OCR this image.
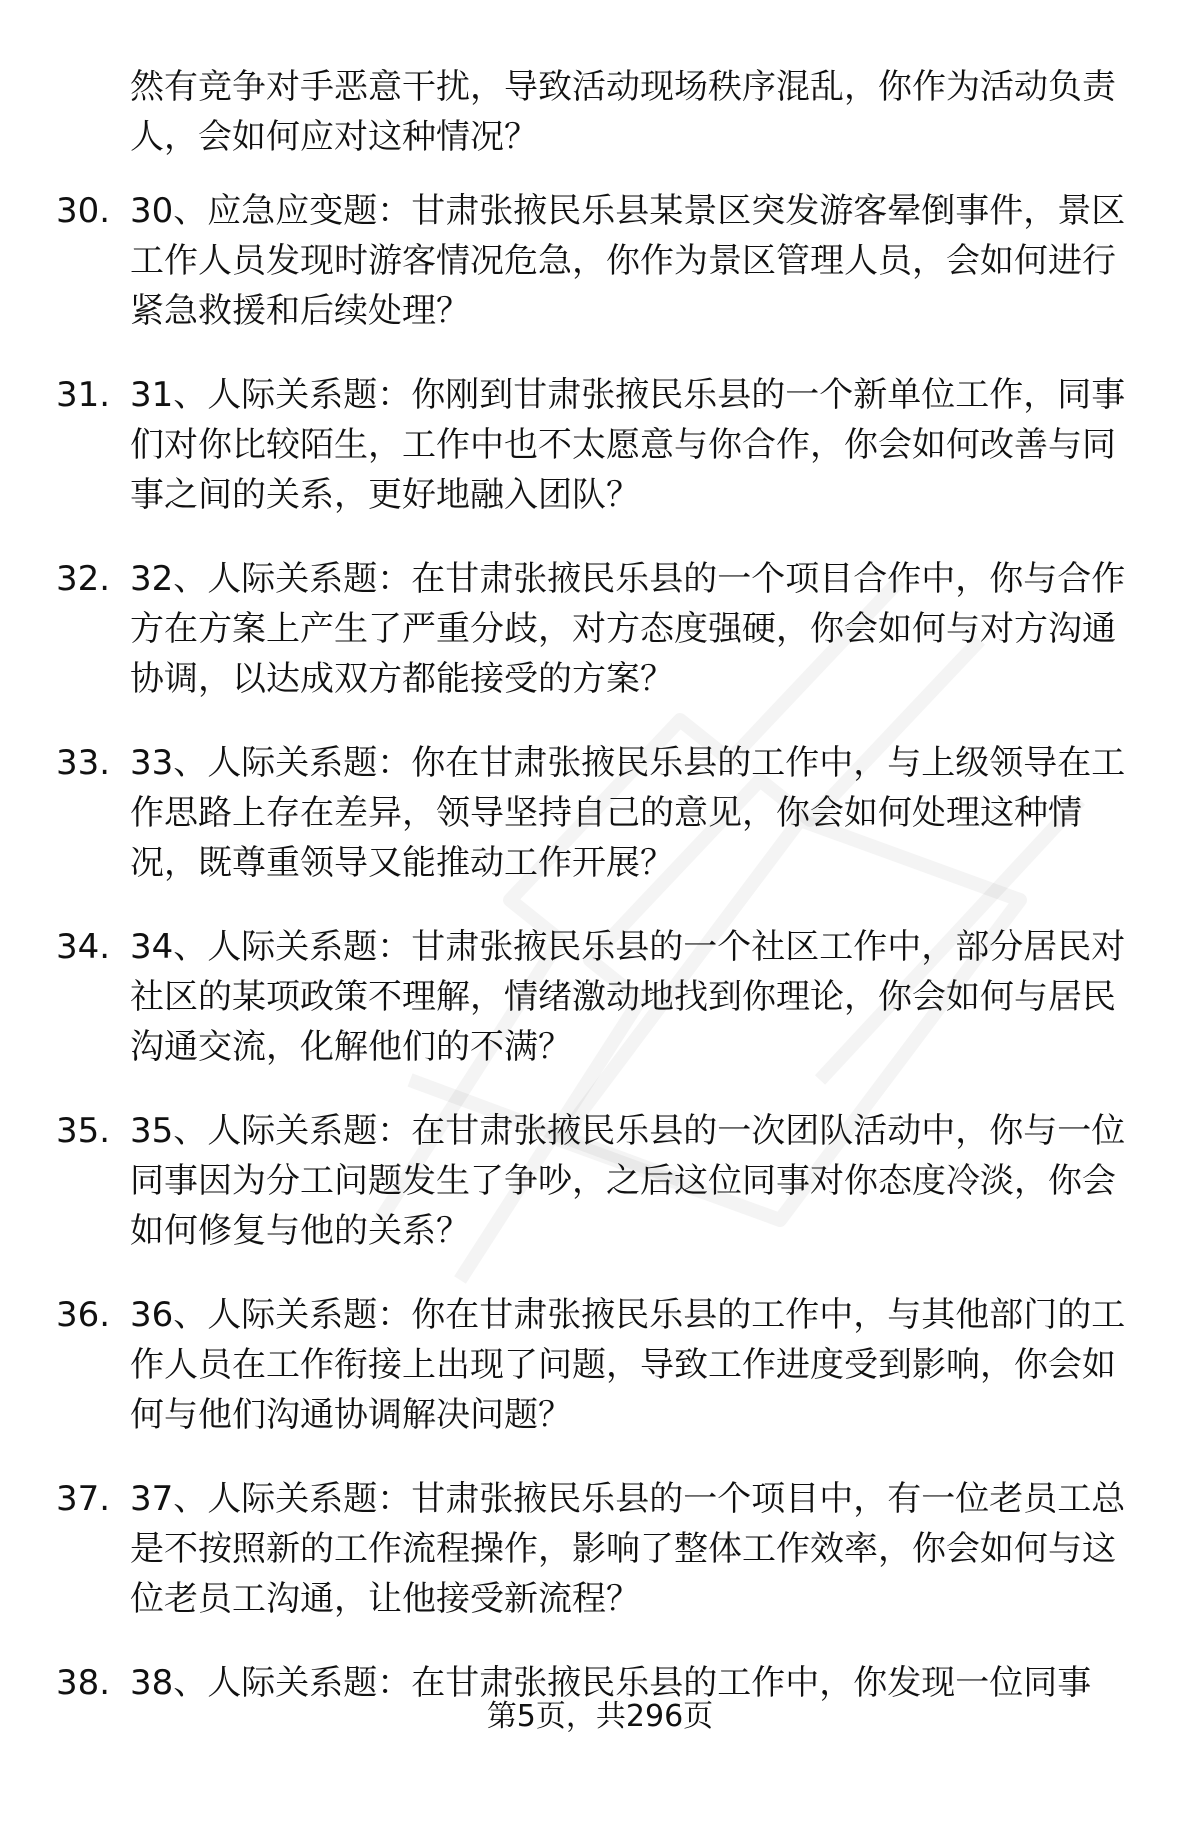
然有竞争对手恶意干扰，导致活动现场秩序混乱，你作为活动负责人，会如何应对这种情况？
30. 30、应急应变题：甘肃张掖民乐县某景区突发游客晕倒事件，景区工作人员发现时游客情况危急，你作为景区管理人员，会如何进行紧急救援和后续处理？
31. 31、人际关系题：你刚到甘肃张掖民乐县的一个新单位工作，同事们对你比较陌生，工作中也不太愿意与你合作，你会如何改善与同事之间的关系，更好地融入团队？
32. 32、人际关系题：在甘肃张掖民乐县的一个项目合作中，你与合作方在方案上产生了严重分歧，对方态度强硬，你会如何与对方沟通协调，以达成双方都能接受的方案？
33. 33、人际关系题：你在甘肃张掖民乐县的工作中，与上级领导在工作思路上存在差异，领导坚持自己的意见，你会如何处理这种情况，既尊重领导又能推动工作开展？
34. 34、人际关系题：甘肃张掖民乐县的一个社区工作中，部分居民对社区的某项政策不理解，情绪激动地找到你理论，你会如何与居民沟通交流，化解他们的不满？
35. 35、人际关系题：在甘肃张掖民乐县的一次团队活动中，你与一位同事因为分工问题发生了争吵，之后这位同事对你态度冷淡，你会如何修复与他的关系？
36. 36、人际关系题：你在甘肃张掖民乐县的工作中，与其他部门的工作人员在工作衔接上出现了问题，导致工作进度受到影响，你会如何与他们沟通协调解决问题？
37. 37、人际关系题：甘肃张掖民乐县的一个项目中，有一位老员工总是不按照新的工作流程操作，影响了整体工作效率，你会如何与这位老员工沟通，让他接受新流程？
38. 38、人际关系题：在甘肃张掖民乐县的工作中，你发现一位同事
第5页，共296页
